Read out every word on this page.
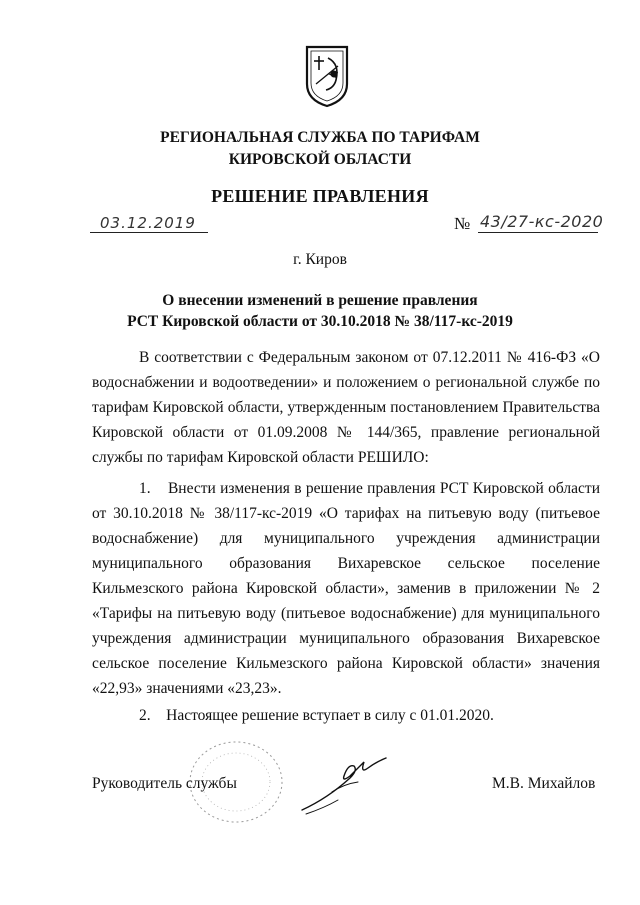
РЕГИОНАЛЬНАЯ СЛУЖБА ПО ТАРИФАМ
КИРОВСКОЙ ОБЛАСТИ
РЕШЕНИЕ ПРАВЛЕНИЯ
03.12.2019	№ 43/27-кс-2020
г. Киров
О внесении изменений в решение правления
РСТ Кировской области от 30.10.2018 № 38/117-кс-2019
В соответствии с Федеральным законом от 07.12.2011 № 416-ФЗ «О водоснабжении и водоотведении» и положением о региональной службе по тарифам Кировской области, утвержденным постановлением Правительства Кировской области от 01.09.2008 № 144/365, правление региональной службы по тарифам Кировской области РЕШИЛО:
1.    Внести изменения в решение правления РСТ Кировской области от 30.10.2018 № 38/117-кс-2019 «О тарифах на питьевую воду (питьевое водоснабжение) для муниципального учреждения администрации муниципального образования Вихаревское сельское поселение Кильмезского района Кировской области», заменив в приложении № 2 «Тарифы на питьевую воду (питьевое водоснабжение) для муниципального учреждения администрации муниципального образования Вихаревское сельское поселение Кильмезского района Кировской области» значения «22,93» значениями «23,23».
2.    Настоящее решение вступает в силу с 01.01.2020.
Руководитель службы	М.В. Михайлов
